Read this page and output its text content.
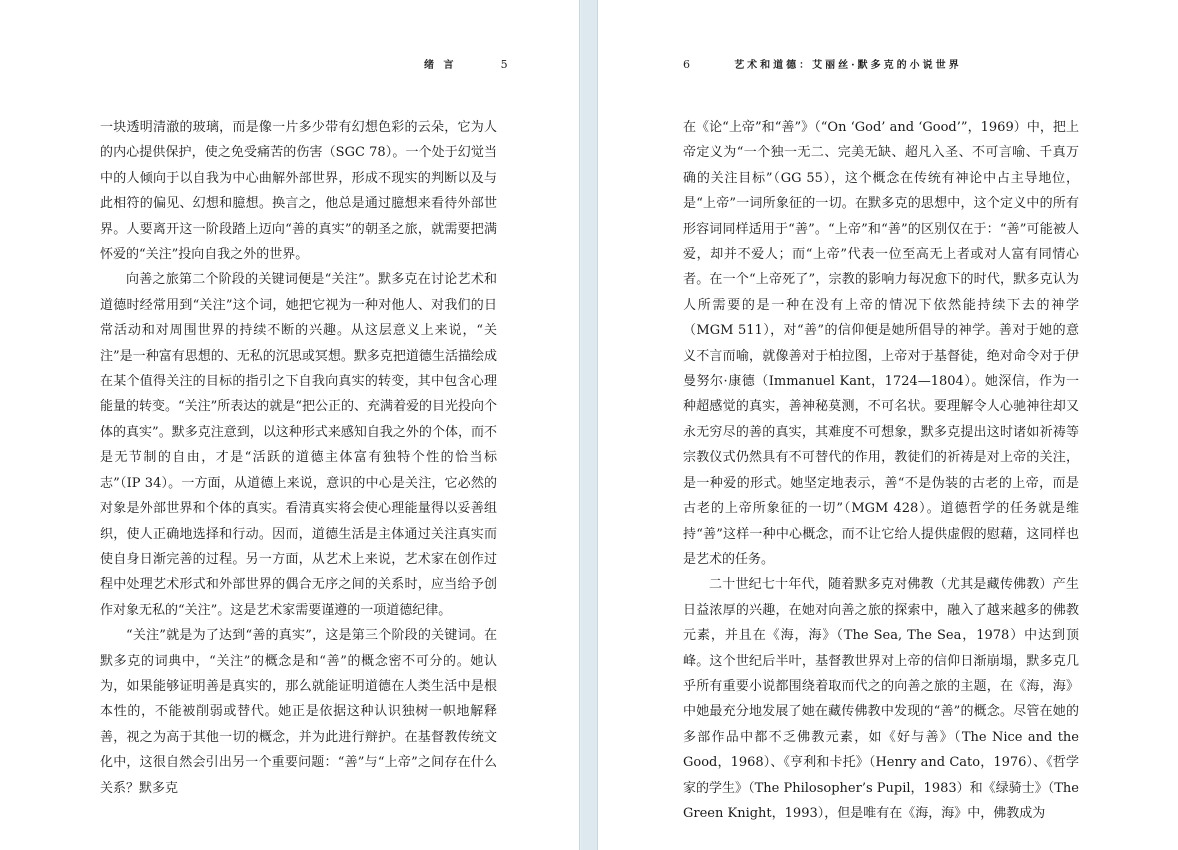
绪 言	5

一块透明清澈的玻璃，而是像一片多少带有幻想色彩的云朵，它为人的内心提供保护，使之免受痛苦的伤害（SGC 78）。一个处于幻觉当中的人倾向于以自我为中心曲解外部世界，形成不现实的判断以及与此相符的偏见、幻想和臆想。换言之，他总是通过臆想来看待外部世界。人要离开这一阶段踏上迈向“善的真实”的朝圣之旅，就需要把满怀爱的“关注”投向自我之外的世界。

向善之旅第二个阶段的关键词便是“关注”。默多克在讨论艺术和道德时经常用到“关注”这个词，她把它视为一种对他人、对我们的日常活动和对周围世界的持续不断的兴趣。从这层意义上来说，“关注”是一种富有思想的、无私的沉思或冥想。默多克把道德生活描绘成在某个值得关注的目标的指引之下自我向真实的转变，其中包含心理能量的转变。“关注”所表达的就是“把公正的、充满着爱的目光投向个体的真实”。默多克注意到，以这种形式来感知自我之外的个体，而不是无节制的自由，才是“活跃的道德主体富有独特个性的恰当标志”（IP 34）。一方面，从道德上来说，意识的中心是关注，它必然的对象是外部世界和个体的真实。看清真实将会使心理能量得以妥善组织，使人正确地选择和行动。因而，道德生活是主体通过关注真实而使自身日渐完善的过程。另一方面，从艺术上来说，艺术家在创作过程中处理艺术形式和外部世界的偶合无序之间的关系时，应当给予创作对象无私的“关注”。这是艺术家需要谨遵的一项道德纪律。

“关注”就是为了达到“善的真实”，这是第三个阶段的关键词。在默多克的词典中，“关注”的概念是和“善”的概念密不可分的。她认为，如果能够证明善是真实的，那么就能证明道德在人类生活中是根本性的，不能被削弱或替代。她正是依据这种认识独树一帜地解释善，视之为高于其他一切的概念，并为此进行辩护。在基督教传统文化中，这很自然会引出另一个重要问题：“善”与“上帝”之间存在什么关系？默多克

6	艺术和道德：艾丽丝·默多克的小说世界

在《论“上帝”和“善”》（“On ‘God’ and ‘Good’”，1969）中，把上帝定义为“一个独一无二、完美无缺、超凡入圣、不可言喻、千真万确的关注目标”（GG 55），这个概念在传统有神论中占主导地位，是“上帝”一词所象征的一切。在默多克的思想中，这个定义中的所有形容词同样适用于“善”。“上帝”和“善”的区别仅在于：“善”可能被人爱，却并不爱人；而“上帝”代表一位至高无上者或对人富有同情心者。在一个“上帝死了”，宗教的影响力每况愈下的时代，默多克认为人所需要的是一种在没有上帝的情况下依然能持续下去的神学（MGM 511），对“善”的信仰便是她所倡导的神学。善对于她的意义不言而喻，就像善对于柏拉图，上帝对于基督徒，绝对命令对于伊曼努尔·康德（Immanuel Kant，1724—1804）。她深信，作为一种超感觉的真实，善神秘莫测，不可名状。要理解令人心驰神往却又永无穷尽的善的真实，其难度不可想象，默多克提出这时诸如祈祷等宗教仪式仍然具有不可替代的作用，教徒们的祈祷是对上帝的关注，是一种爱的形式。她坚定地表示，善“不是伪装的古老的上帝，而是古老的上帝所象征的一切”（MGM 428）。道德哲学的任务就是维持“善”这样一种中心概念，而不让它给人提供虚假的慰藉，这同样也是艺术的任务。

二十世纪七十年代，随着默多克对佛教（尤其是藏传佛教）产生日益浓厚的兴趣，在她对向善之旅的探索中，融入了越来越多的佛教元素，并且在《海，海》（The Sea, The Sea，1978）中达到顶峰。这个世纪后半叶，基督教世界对上帝的信仰日渐崩塌，默多克几乎所有重要小说都围绕着取而代之的向善之旅的主题，在《海，海》中她最充分地发展了她在藏传佛教中发现的“善”的概念。尽管在她的多部作品中都不乏佛教元素，如《好与善》（The Nice and the Good，1968）、《亨利和卡托》（Henry and Cato，1976）、《哲学家的学生》（The Philosopher’s Pupil，1983）和《绿骑士》（The Green Knight，1993），但是唯有在《海，海》中，佛教成为
